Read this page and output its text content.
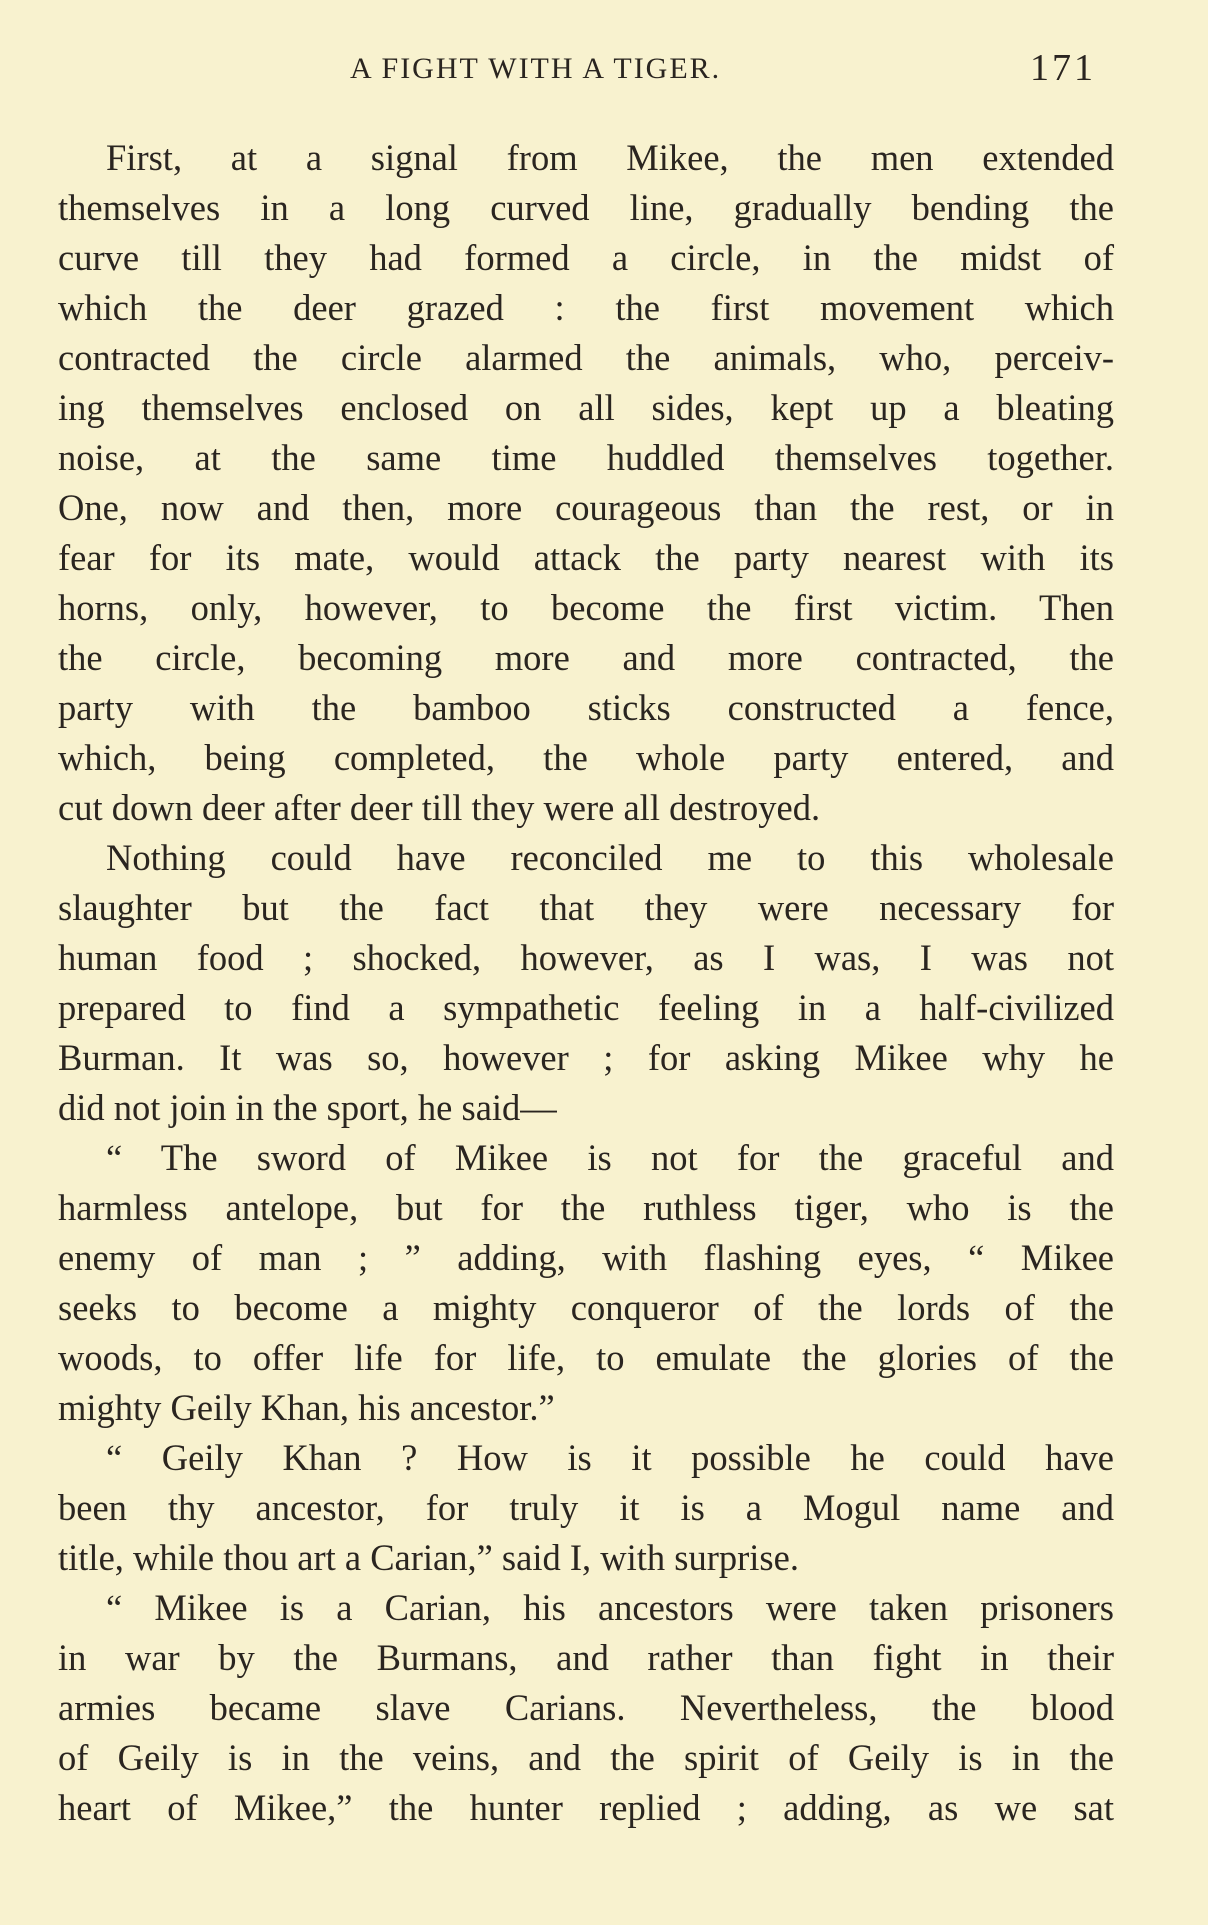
A FIGHT WITH A TIGER.	171
First, at a signal from Mikee, the men extended
themselves in a long curved line, gradually bending the
curve till they had formed a circle, in the midst of
which the deer grazed : the first movement which
contracted the circle alarmed the animals, who, perceiv-
ing themselves enclosed on all sides, kept up a bleating
noise, at the same time huddled themselves together.
One, now and then, more courageous than the rest, or in
fear for its mate, would attack the party nearest with its
horns, only, however, to become the first victim. Then
the circle, becoming more and more contracted, the
party with the bamboo sticks constructed a fence,
which, being completed, the whole party entered, and
cut down deer after deer till they were all destroyed.
Nothing could have reconciled me to this wholesale
slaughter but the fact that they were necessary for
human food ; shocked, however, as I was, I was not
prepared to find a sympathetic feeling in a half-civilized
Burman. It was so, however ; for asking Mikee why he
did not join in the sport, he said—
“ The sword of Mikee is not for the graceful and
harmless antelope, but for the ruthless tiger, who is the
enemy of man ; ” adding, with flashing eyes, “ Mikee
seeks to become a mighty conqueror of the lords of the
woods, to offer life for life, to emulate the glories of the
mighty Geily Khan, his ancestor.”
“ Geily Khan ? How is it possible he could have
been thy ancestor, for truly it is a Mogul name and
title, while thou art a Carian,” said I, with surprise.
“ Mikee is a Carian, his ancestors were taken prisoners
in war by the Burmans, and rather than fight in their
armies became slave Carians. Nevertheless, the blood
of Geily is in the veins, and the spirit of Geily is in the
heart of Mikee,” the hunter replied ; adding, as we sat
